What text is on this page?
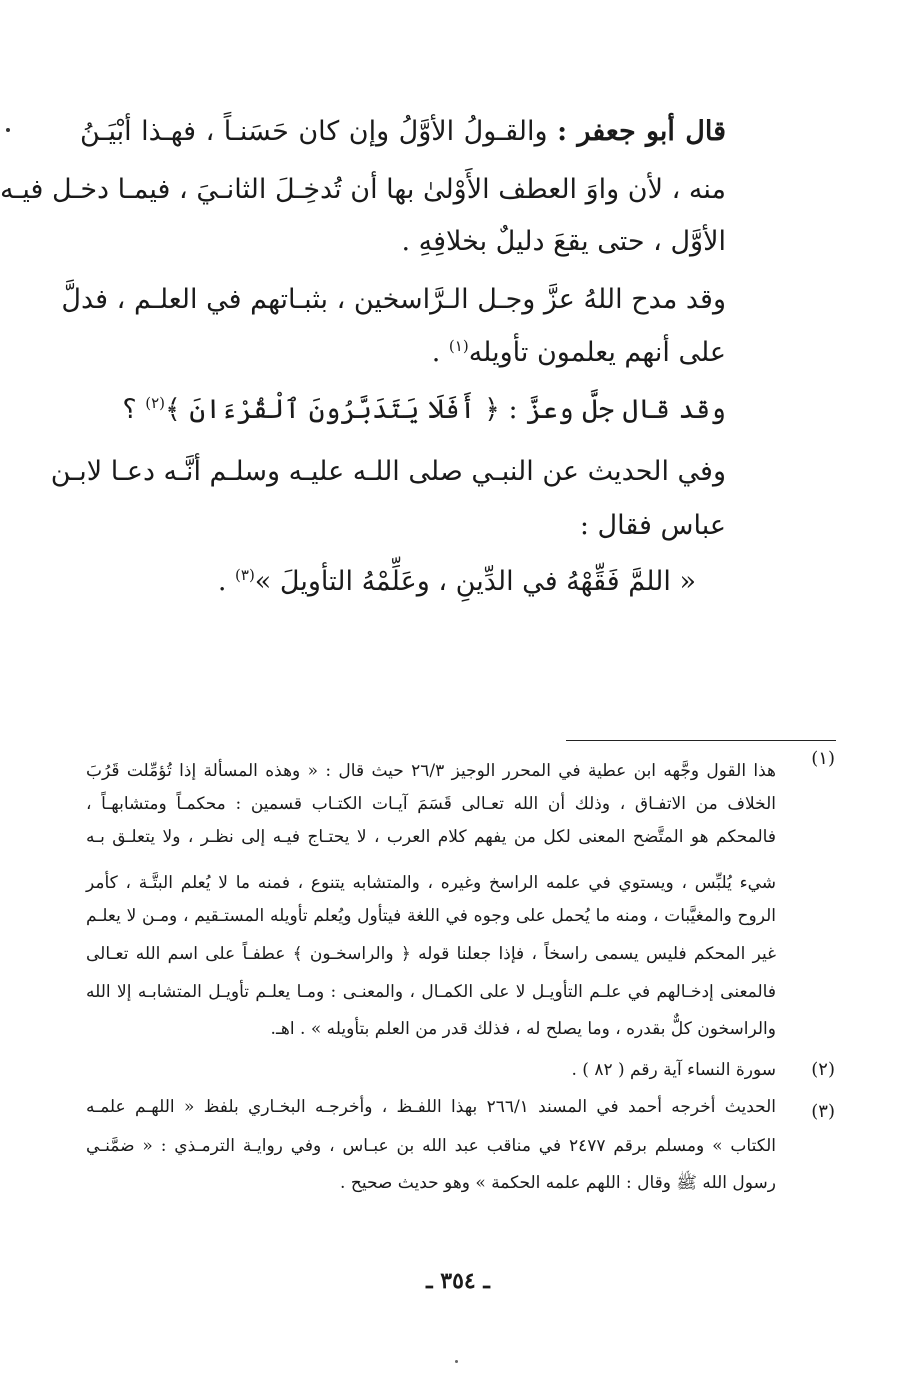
قال أبو جعفر : والقـولُ الأوَّلُ وإن كان حَسَنـاً ، فهـذا أبْيَـنُ
منه ، لأن واوَ العطف الأَوْلىٰ بها أن تُدخِـلَ الثانـيَ ، فيمـا دخـل فيـه
الأوَّل ، حتى يقعَ دليلٌ بخلافِهِ .
وقد مدح اللهُ عزَّ وجـل الـرَّاسخين ، بثبـاتهم في العلـم ، فدلَّ
على أنهم يعلمون تأويله$^{(١)}$ .
وقد قال جلَّ وعزَّ : ﴿ أَفَلَا يَتَدَبَّرُونَ ٱلْقُرْءَانَ ﴾$^{(٢)}$ ؟
وفي الحديث عن النبـي صلى اللـه عليـه وسلـم أنَّـه دعـا لابـن
عباس فقال :
« اللمَّ فَقِّهْهُ في الدِّينِ ، وعَلِّمْهُ التأويلَ »$^{(٣)}$ .
(١)
هذا القول وجَّهه ابن عطية في المحرر الوجيز ٢٦/٣ حيث قال : « وهذه المسألة إذا تُؤمِّلت قَرُبَ
الخلاف من الاتفـاق ، وذلك أن الله تعـالى قَسَمَ آيـات الكتـاب قسمين : محكمـاً ومتشابهـاً ،
فالمحكم هو المتَّضح المعنى لكل من يفهم كلام العرب ، لا يحتـاج فيـه إلى نظـر ، ولا يتعلـق بـه
شيء يُلبِّس ، ويستوي في علمه الراسخ وغيره ، والمتشابه يتنوع ، فمنه ما لا يُعلم البتَّـة ، كأمر
الروح والمغيَّبات ، ومنه ما يُحمل على وجوه في اللغة فيتأول ويُعلم تأويله المستـقيم ، ومـن لا يعلـم
غير المحكم فليس يسمى راسخاً ، فإذا جعلنا قوله ﴿ والراسخـون ﴾ عطفـاً على اسم الله تعـالى
فالمعنى إدخـالهم في علـم التأويـل لا على الكمـال ، والمعنـى : ومـا يعلـم تأويـل المتشابـه إلا الله
والراسخون كلٌّ بقدره ، وما يصلح له ، فذلك قدر من العلم بتأويله » . اهـ.
(٢)
سورة النساء آية رقم ( ٨٢ ) .
(٣)
الحديث أخرجه أحمد في المسند ٢٦٦/١ بهذا اللفـظ ، وأخرجـه البخـاري بلفظ « اللهـم علمـه
الكتاب » ومسلم برقم ٢٤٧٧ في مناقب عبد الله بن عبـاس ، وفي روايـة الترمـذي : « ضمَّنـي
رسول الله ﷺ وقال : اللهم علمه الحكمة » وهو حديث صحيح .
ـ ٣٥٤ ـ
